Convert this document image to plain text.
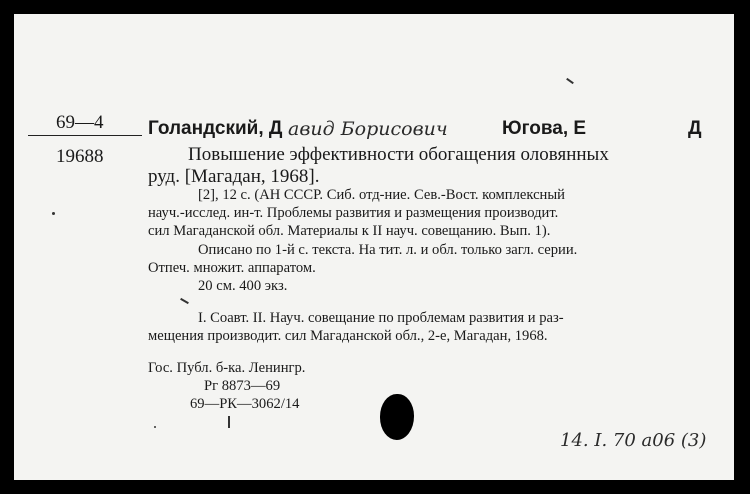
69—4
19688
Голандский, Д авид Борисович	Югова, Е	Д
Повышение эффективности обогащения оловянных
руд. [Магадан, 1968].
[2], 12 с. (АН СССР. Сиб. отд-ние. Сев.-Вост. комплексный
науч.-исслед. ин-т. Проблемы развития и размещения производит.
сил Магаданской обл. Материалы к II науч. совещанию. Вып. 1).
Описано по 1-й с. текста. На тит. л. и обл. только загл. серии.
Отпеч. множит. аппаратом.
20 см. 400 экз.
I. Соавт. II. Науч. совещание по проблемам развития и раз-
мещения производит. сил Магаданской обл., 2-е, Магадан, 1968.
Гос. Публ. б-ка. Ленингр.
Рг 8873—69
69—РК—3062/14
14. I. 70 a06 (3)
